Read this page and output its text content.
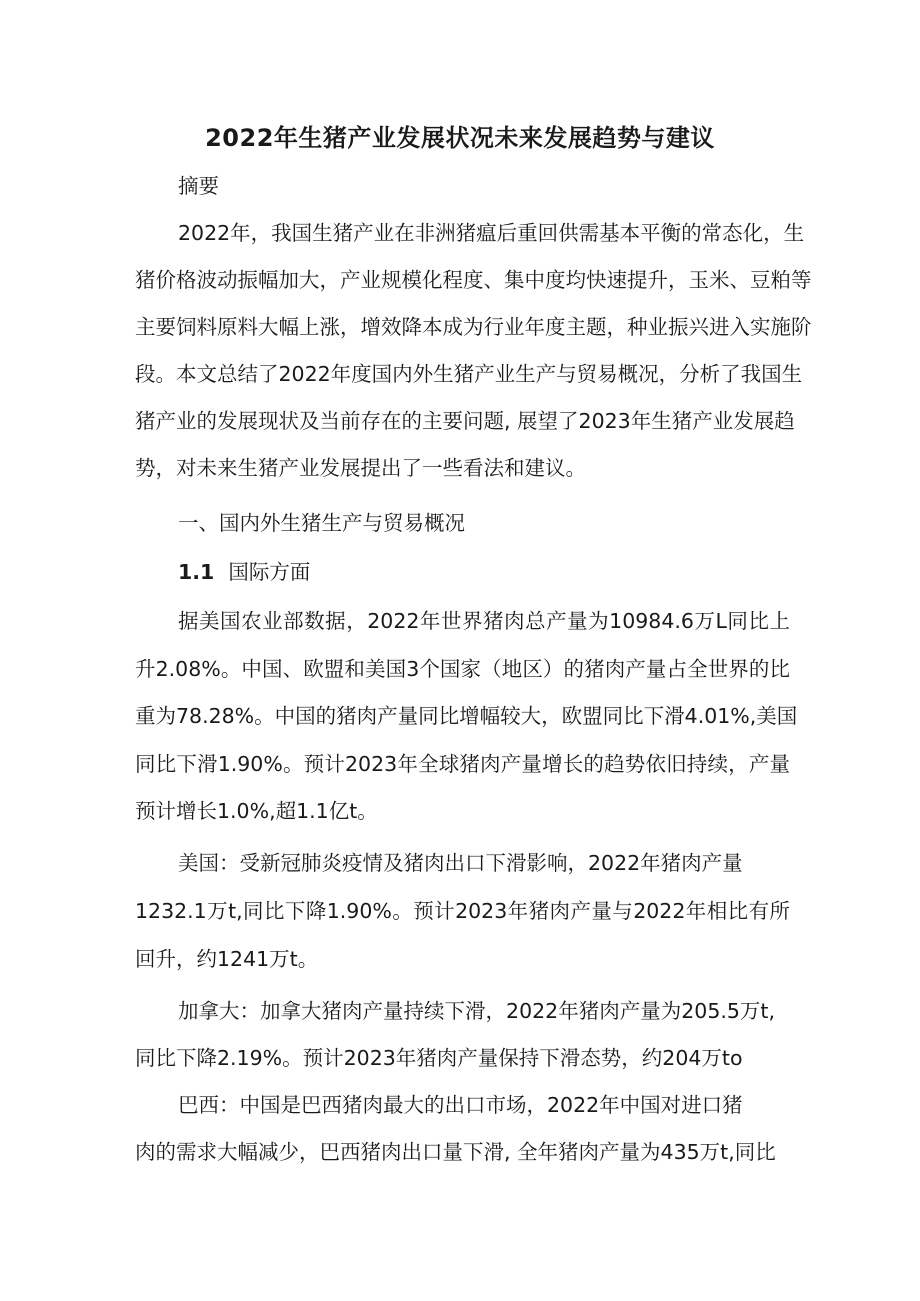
2022年生猪产业发展状况未来发展趋势与建议
摘要
2022年，我国生猪产业在非洲猪瘟后重回供需基本平衡的常态化，生
猪价格波动振幅加大，产业规模化程度、集中度均快速提升，玉米、豆粕等
主要饲料原料大幅上涨，增效降本成为行业年度主题，种业振兴进入实施阶
段。本文总结了2022年度国内外生猪产业生产与贸易概况，分析了我国生
猪产业的发展现状及当前存在的主要问题, 展望了2023年生猪产业发展趋
势，对未来生猪产业发展提出了一些看法和建议。
一、国内外生猪生产与贸易概况
1.1 国际方面
据美国农业部数据，2022年世界猪肉总产量为10984.6万L同比上
升2.08%。中国、欧盟和美国3个国家（地区）的猪肉产量占全世界的比
重为78.28%。中国的猪肉产量同比增幅较大，欧盟同比下滑4.01%,美国
同比下滑1.90%。预计2023年全球猪肉产量增长的趋势依旧持续，产量
预计增长1.0%,超1.1亿t。
美国：受新冠肺炎疫情及猪肉出口下滑影响，2022年猪肉产量
1232.1万t,同比下降1.90%。预计2023年猪肉产量与2022年相比有所
回升，约1241万t。
加拿大：加拿大猪肉产量持续下滑，2022年猪肉产量为205.5万t,
同比下降2.19%。预计2023年猪肉产量保持下滑态势，约204万to
巴西：中国是巴西猪肉最大的出口市场，2022年中国对进口猪
肉的需求大幅减少，巴西猪肉出口量下滑, 全年猪肉产量为435万t,同比
